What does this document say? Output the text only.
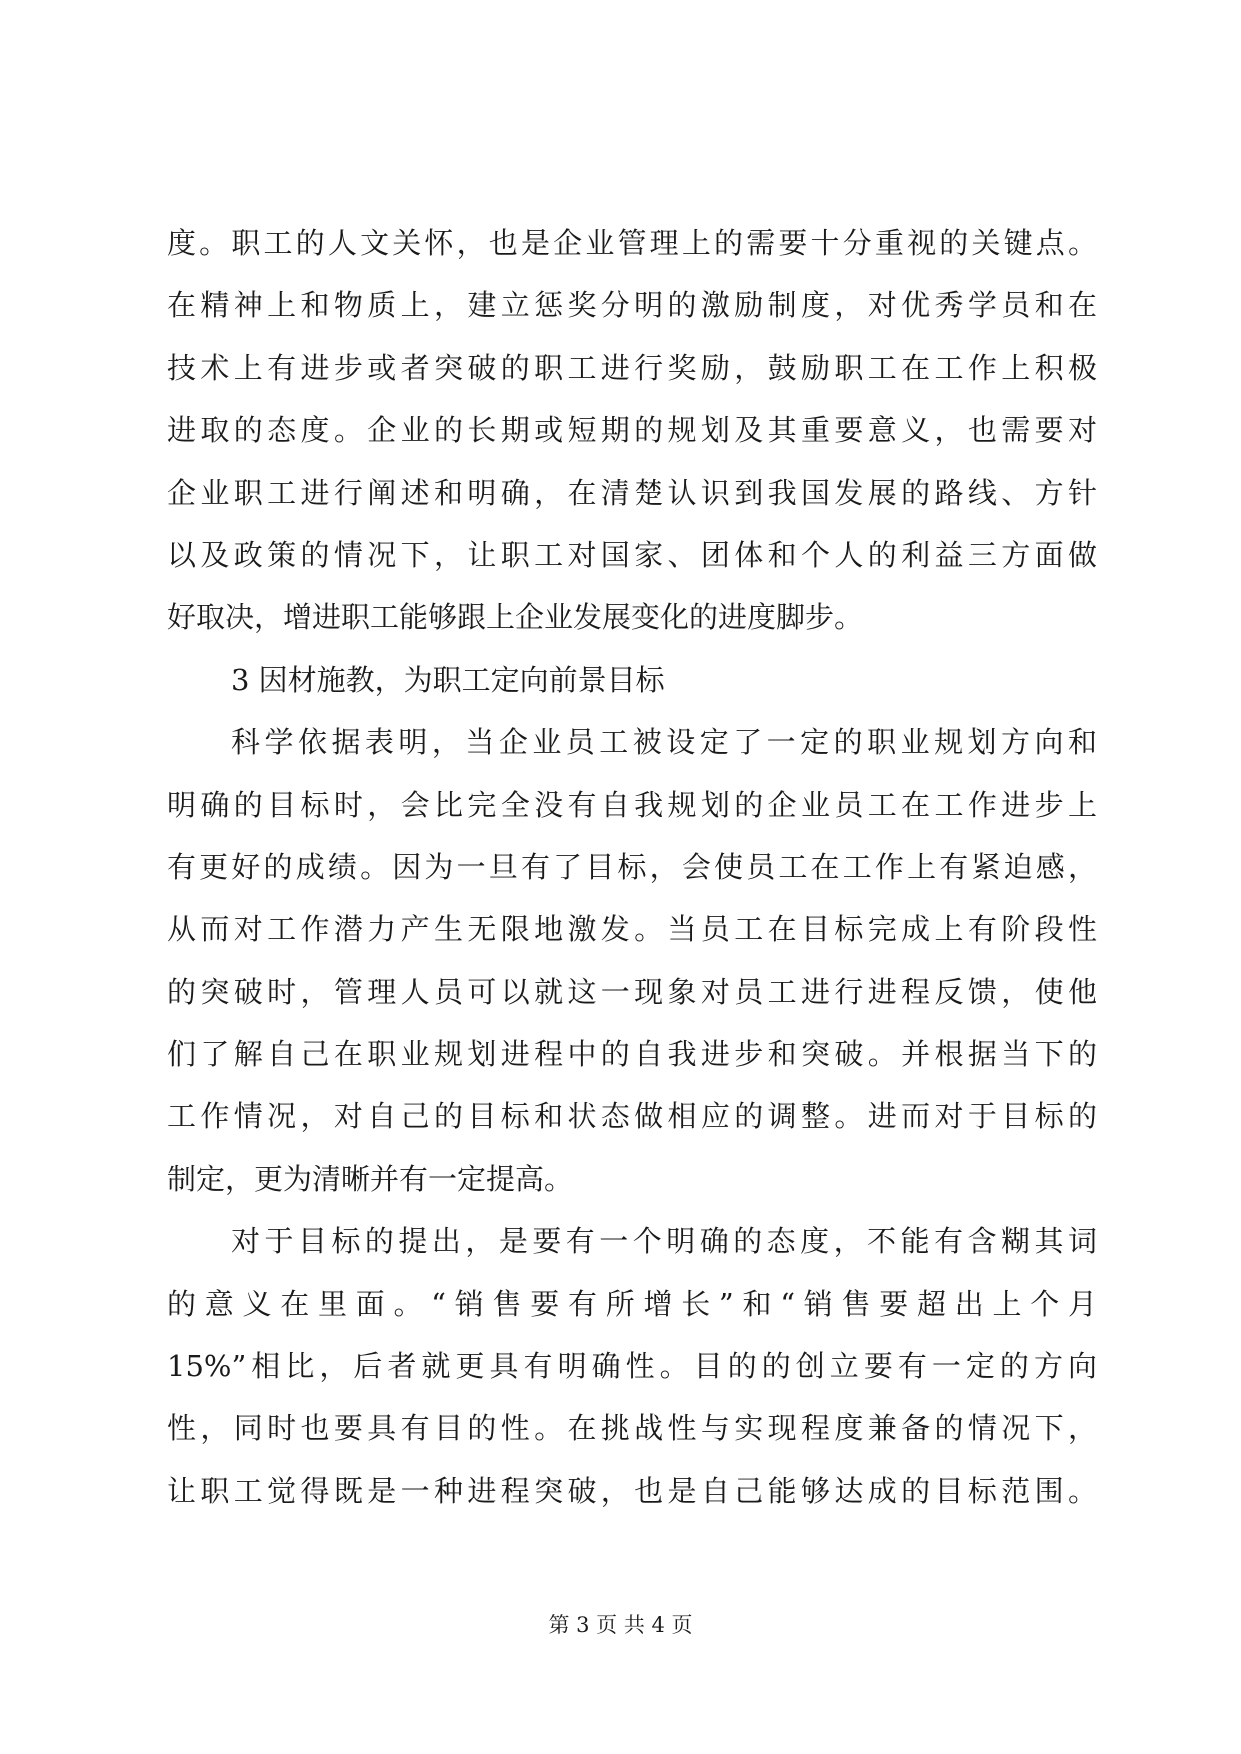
度。职工的人文关怀，也是企业管理上的需要十分重视的关键点。
在精神上和物质上，建立惩奖分明的激励制度，对优秀学员和在
技术上有进步或者突破的职工进行奖励，鼓励职工在工作上积极
进取的态度。企业的长期或短期的规划及其重要意义，也需要对
企业职工进行阐述和明确，在清楚认识到我国发展的路线、方针
以及政策的情况下，让职工对国家、团体和个人的利益三方面做
好取决，增进职工能够跟上企业发展变化的进度脚步。
3 因材施教，为职工定向前景目标
科学依据表明，当企业员工被设定了一定的职业规划方向和
明确的目标时，会比完全没有自我规划的企业员工在工作进步上
有更好的成绩。因为一旦有了目标，会使员工在工作上有紧迫感，
从而对工作潜力产生无限地激发。当员工在目标完成上有阶段性
的突破时，管理人员可以就这一现象对员工进行进程反馈，使他
们了解自己在职业规划进程中的自我进步和突破。并根据当下的
工作情况，对自己的目标和状态做相应的调整。进而对于目标的
制定，更为清晰并有一定提高。
对于目标的提出，是要有一个明确的态度，不能有含糊其词
的意义在里面。“销售要有所增长”和“销售要超出上个月
15%”相比，后者就更具有明确性。目的的创立要有一定的方向
性，同时也要具有目的性。在挑战性与实现程度兼备的情况下，
让职工觉得既是一种进程突破，也是自己能够达成的目标范围。
第 3 页 共 4 页
